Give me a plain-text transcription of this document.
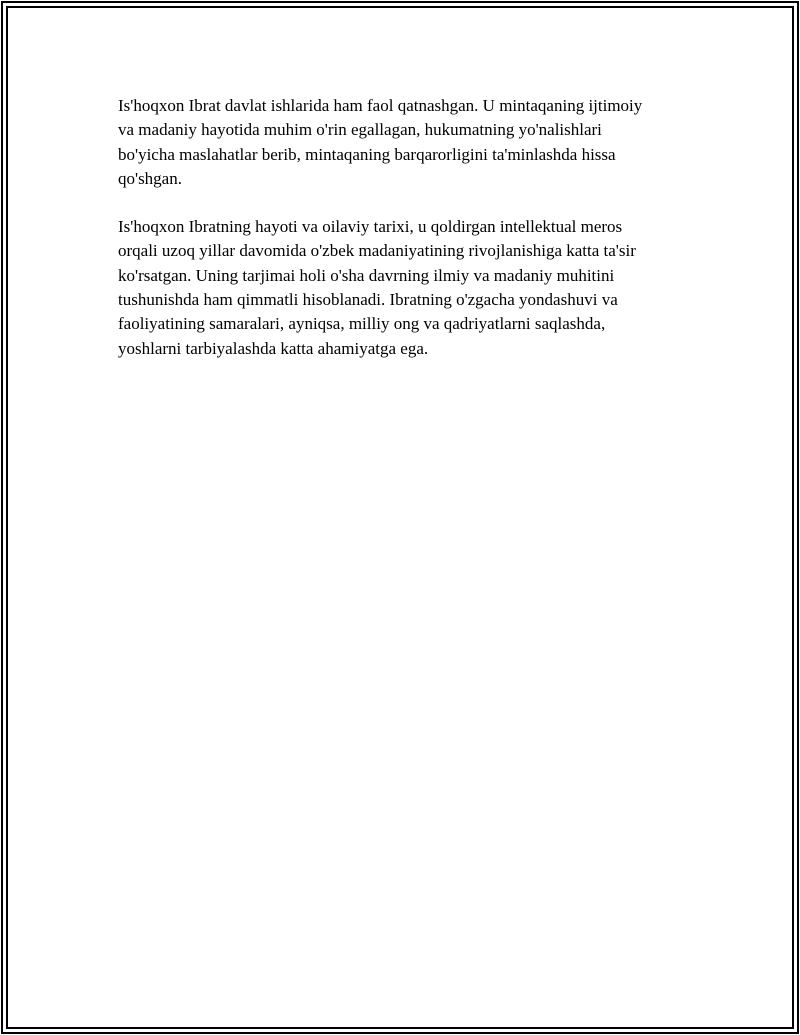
Is'hoqxon Ibrat davlat ishlarida ham faol qatnashgan. U mintaqaning ijtimoiy
va madaniy hayotida muhim o'rin egallagan, hukumatning yo'nalishlari
bo'yicha maslahatlar berib, mintaqaning barqarorligini ta'minlashda hissa
qo'shgan.

Is'hoqxon Ibratning hayoti va oilaviy tarixi, u qoldirgan intellektual meros
orqali uzoq yillar davomida o'zbek madaniyatining rivojlanishiga katta ta'sir
ko'rsatgan. Uning tarjimai holi o'sha davrning ilmiy va madaniy muhitini
tushunishda ham qimmatli hisoblanadi. Ibratning o'zgacha yondashuvi va
faoliyatining samaralari, ayniqsa, milliy ong va qadriyatlarni saqlashda,
yoshlarni tarbiyalashda katta ahamiyatga ega.
